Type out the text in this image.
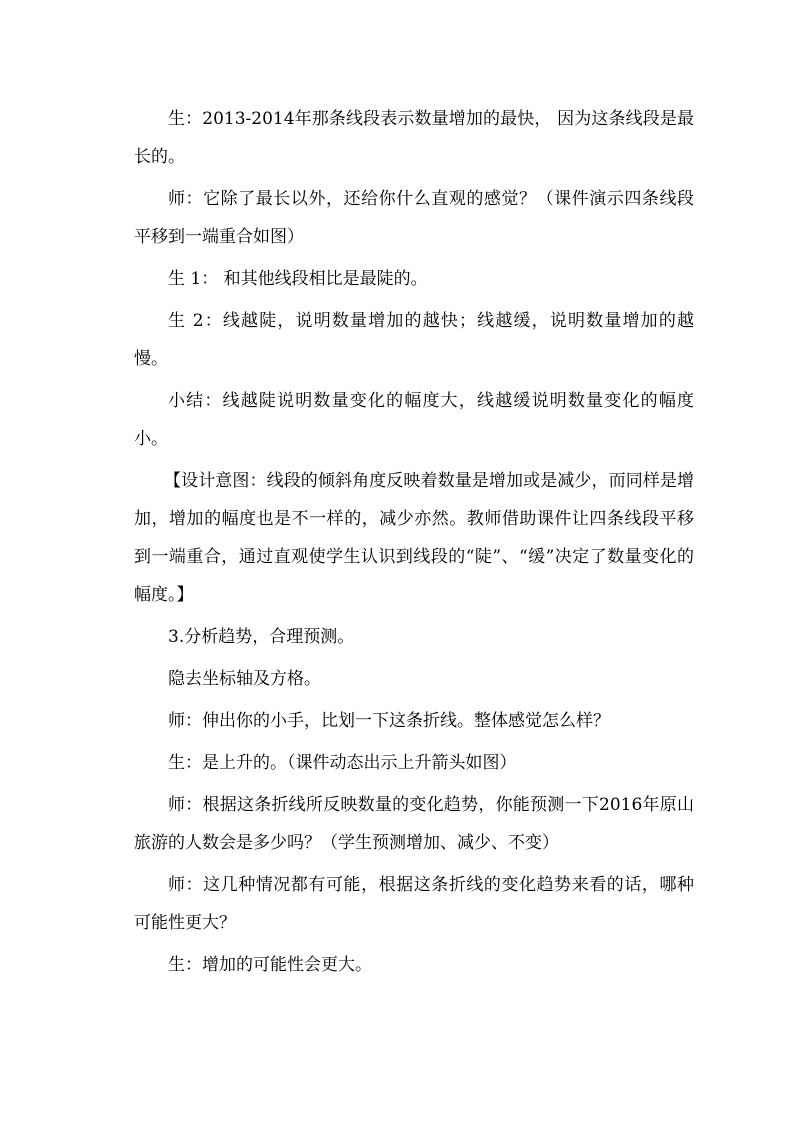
生：2013-2014年那条线段表示数量增加的最快， 因为这条线段是最长的。

师：它除了最长以外，还给你什么直观的感觉？（课件演示四条线段平移到一端重合如图）

生 1： 和其他线段相比是最陡的。

生 2：线越陡，说明数量增加的越快；线越缓，说明数量增加的越慢。

小结：线越陡说明数量变化的幅度大，线越缓说明数量变化的幅度小。

【设计意图：线段的倾斜角度反映着数量是增加或是减少，而同样是增加，增加的幅度也是不一样的，减少亦然。教师借助课件让四条线段平移到一端重合，通过直观使学生认识到线段的“陡”、“缓”决定了数量变化的幅度。】

3.分析趋势，合理预测。

隐去坐标轴及方格。

师：伸出你的小手，比划一下这条折线。整体感觉怎么样？

生：是上升的。（课件动态出示上升箭头如图）

师：根据这条折线所反映数量的变化趋势，你能预测一下2016年原山旅游的人数会是多少吗？（学生预测增加、减少、不变）

师：这几种情况都有可能，根据这条折线的变化趋势来看的话，哪种可能性更大？

生：增加的可能性会更大。
